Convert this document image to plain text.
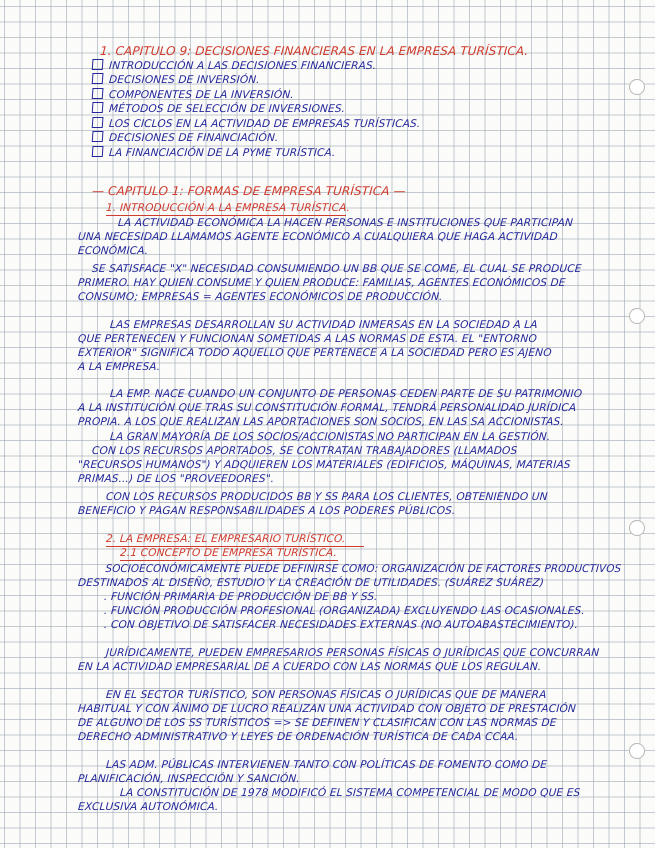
1. CAPITULO 9: DECISIONES FINANCIERAS EN LA EMPRESA TURÍSTICA.

INTRODUCCIÓN A LAS DECISIONES FINANCIERAS.

DECISIONES DE INVERSIÓN.

COMPONENTES DE LA INVERSIÓN.

MÉTODOS DE SELECCIÓN DE INVERSIONES.

LOS CICLOS EN LA ACTIVIDAD DE EMPRESAS TURÍSTICAS.

DECISIONES DE FINANCIACIÓN.

LA FINANCIACIÓN DE LA PYME TURÍSTICA.

— CAPITULO 1: FORMAS DE EMPRESA TURÍSTICA —

1. INTRODUCCIÓN A LA EMPRESA TURÍSTICA.

LA ACTIVIDAD ECONÓMICA LA HACEN PERSONAS E INSTITUCIONES QUE PARTICIPAN

UNA NECESIDAD LLAMAMOS AGENTE ECONÓMICO A CUALQUIERA QUE HAGA ACTIVIDAD

ECONÓMICA.

SE SATISFACE "X" NECESIDAD CONSUMIENDO UN BB QUE SE COME, EL CUAL SE PRODUCE

PRIMERO. HAY QUIEN CONSUME Y QUIEN PRODUCE: FAMILIAS, AGENTES ECONÓMICOS DE

CONSUMO; EMPRESAS = AGENTES ECONÓMICOS DE PRODUCCIÓN.

LAS EMPRESAS DESARROLLAN SU ACTIVIDAD INMERSAS EN LA SOCIEDAD A LA

QUE PERTENECEN Y FUNCIONAN SOMETIDAS A LAS NORMAS DE ESTA. EL "ENTORNO

EXTERIOR" SIGNIFICA TODO AQUELLO QUE PERTENECE A LA SOCIEDAD PERO ES AJENO

A LA EMPRESA.

LA EMP. NACE CUANDO UN CONJUNTO DE PERSONAS CEDEN PARTE DE SU PATRIMONIO

A LA INSTITUCIÓN QUE TRAS SU CONSTITUCIÓN FORMAL, TENDRÁ PERSONALIDAD JURÍDICA

PROPIA. A LOS QUE REALIZAN LAS APORTACIONES SON SOCIOS, EN LAS SA ACCIONISTAS.

LA GRAN MAYORÍA DE LOS SOCIOS/ACCIONISTAS NO PARTICIPAN EN LA GESTIÓN.

CON LOS RECURSOS APORTADOS, SE CONTRATAN TRABAJADORES (LLAMADOS

"RECURSOS HUMANOS") Y ADQUIEREN LOS MATERIALES (EDIFICIOS, MÁQUINAS, MATERIAS

PRIMAS...) DE LOS "PROVEEDORES".

CON LOS RECURSOS PRODUCIDOS BB Y SS PARA LOS CLIENTES, OBTENIENDO UN

BENEFICIO Y PAGAN RESPONSABILIDADES A LOS PODERES PÚBLICOS.

2. LA EMPRESA: EL EMPRESARIO TURÍSTICO.

2.1 CONCEPTO DE EMPRESA TURÍSTICA.

SOCIOECONÓMICAMENTE PUEDE DEFINIRSE COMO: ORGANIZACIÓN DE FACTORES PRODUCTIVOS

DESTINADOS AL DISEÑO, ESTUDIO Y LA CREACIÓN DE UTILIDADES. (SUÁREZ SUÁREZ)

. FUNCIÓN PRIMARIA DE PRODUCCIÓN DE BB Y SS.

. FUNCIÓN PRODUCCIÓN PROFESIONAL (ORGANIZADA) EXCLUYENDO LAS OCASIONALES.

. CON OBJETIVO DE SATISFACER NECESIDADES EXTERNAS (NO AUTOABASTECIMIENTO).

JURÍDICAMENTE, PUEDEN EMPRESARIOS PERSONAS FÍSICAS O JURÍDICAS QUE CONCURRAN

EN LA ACTIVIDAD EMPRESARIAL DE A CUERDO CON LAS NORMAS QUE LOS REGULAN.

EN EL SECTOR TURÍSTICO, SON PERSONAS FÍSICAS O JURÍDICAS QUE DE MANERA

HABITUAL Y CON ÁNIMO DE LUCRO REALIZAN UNA ACTIVIDAD CON OBJETO DE PRESTACIÓN

DE ALGUNO DE LOS SS TURÍSTICOS => SE DEFINEN Y CLASIFICAN CON LAS NORMAS DE

DERECHO ADMINISTRATIVO Y LEYES DE ORDENACIÓN TURÍSTICA DE CADA CCAA.

LAS ADM. PÚBLICAS INTERVIENEN TANTO CON POLÍTICAS DE FOMENTO COMO DE

PLANIFICACIÓN, INSPECCIÓN Y SANCIÓN.

LA CONSTITUCIÓN DE 1978 MODIFICÓ EL SISTEMA COMPETENCIAL DE MODO QUE ES

EXCLUSIVA AUTONÓMICA.
